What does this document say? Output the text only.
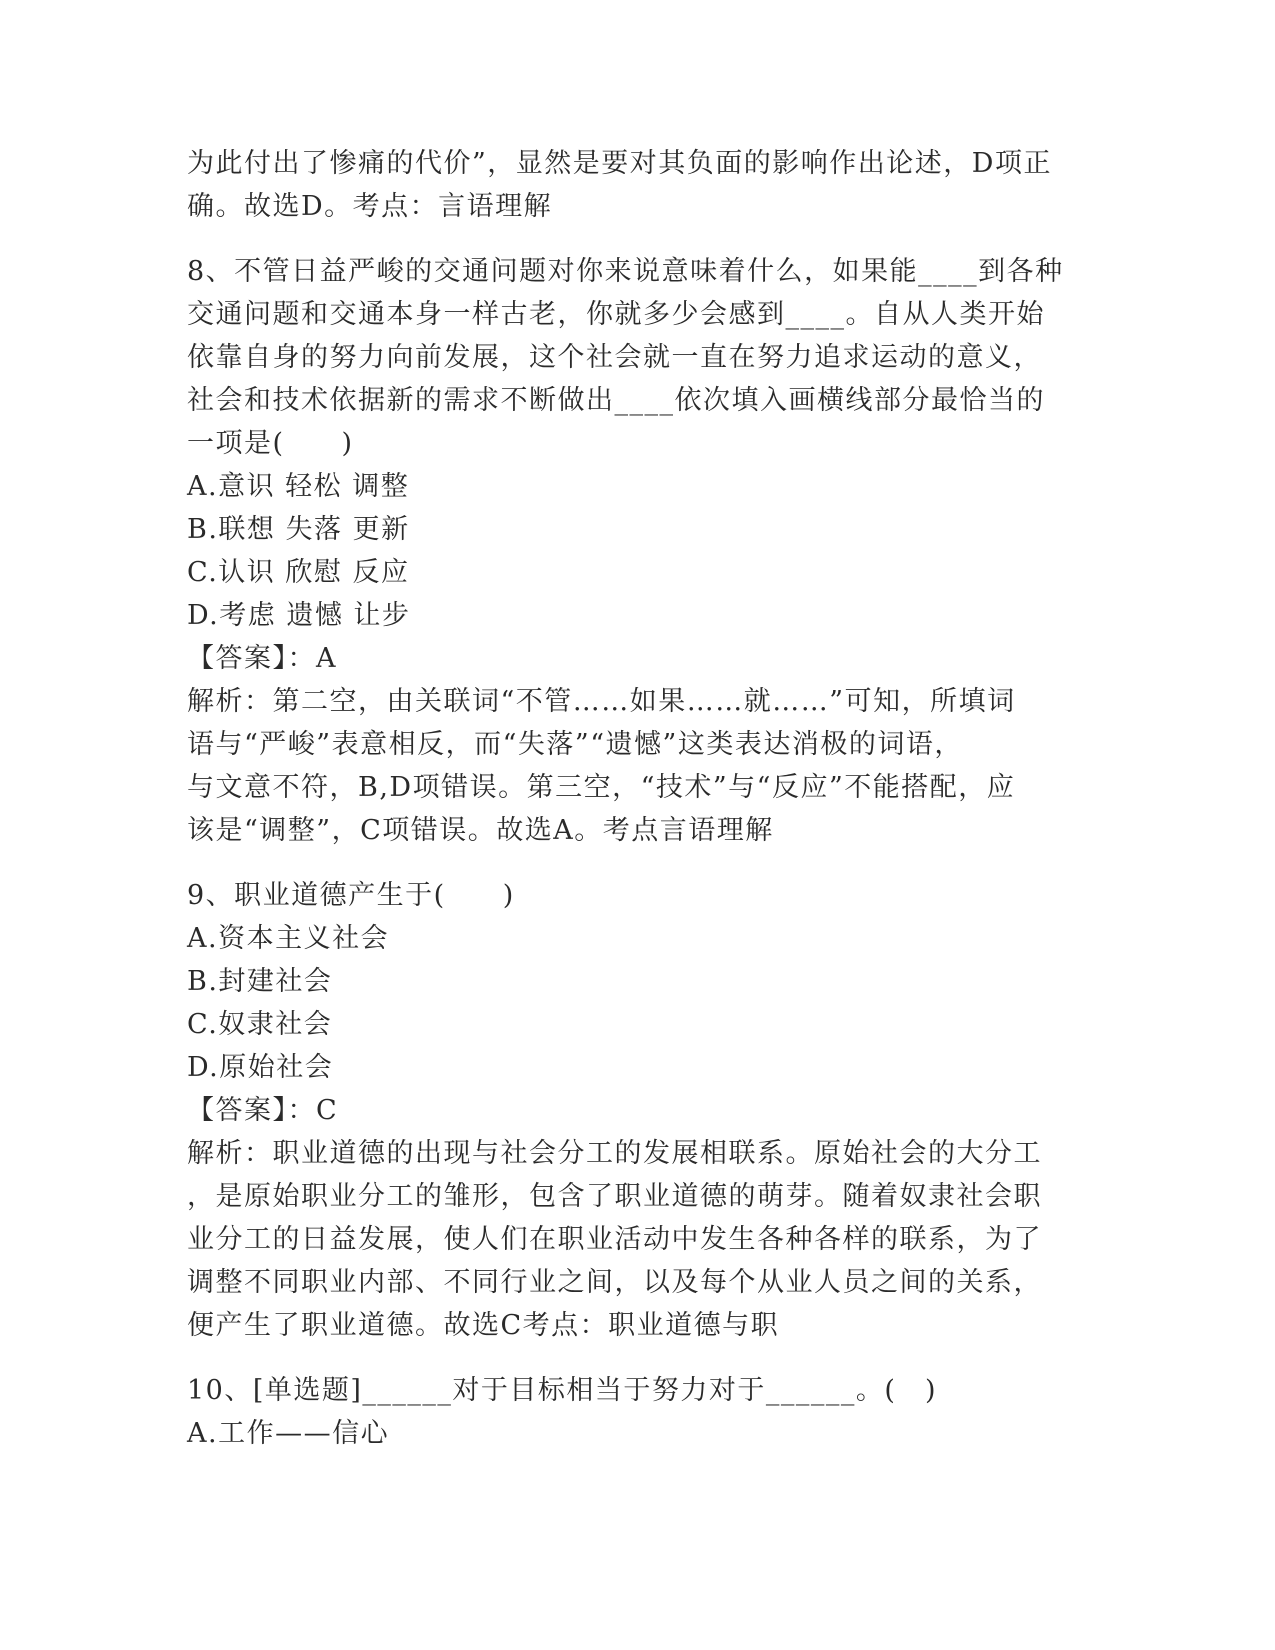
为此付出了惨痛的代价”，显然是要对其负面的影响作出论述，D项正
确。故选D。考点：言语理解
8、不管日益严峻的交通问题对你来说意味着什么，如果能____到各种
交通问题和交通本身一样古老，你就多少会感到____。自从人类开始
依靠自身的努力向前发展，这个社会就一直在努力追求运动的意义，
社会和技术依据新的需求不断做出____依次填入画横线部分最恰当的
一项是(　　)
A.意识 轻松 调整
B.联想 失落 更新
C.认识 欣慰 反应
D.考虑 遗憾 让步
【答案】：A
解析：第二空，由关联词“不管……如果……就……”可知，所填词
语与“严峻”表意相反，而“失落”“遗憾”这类表达消极的词语，
与文意不符，B,D项错误。第三空，“技术”与“反应”不能搭配，应
该是“调整”，C项错误。故选A。考点言语理解
9、职业道德产生于(　　)
A.资本主义社会
B.封建社会
C.奴隶社会
D.原始社会
【答案】：C
解析：职业道德的出现与社会分工的发展相联系。原始社会的大分工
，是原始职业分工的雏形，包含了职业道德的萌芽。随着奴隶社会职
业分工的日益发展，使人们在职业活动中发生各种各样的联系，为了
调整不同职业内部、不同行业之间，以及每个从业人员之间的关系，
便产生了职业道德。故选C考点：职业道德与职
10、[单选题]______对于目标相当于努力对于______。(　)
A.工作——信心
